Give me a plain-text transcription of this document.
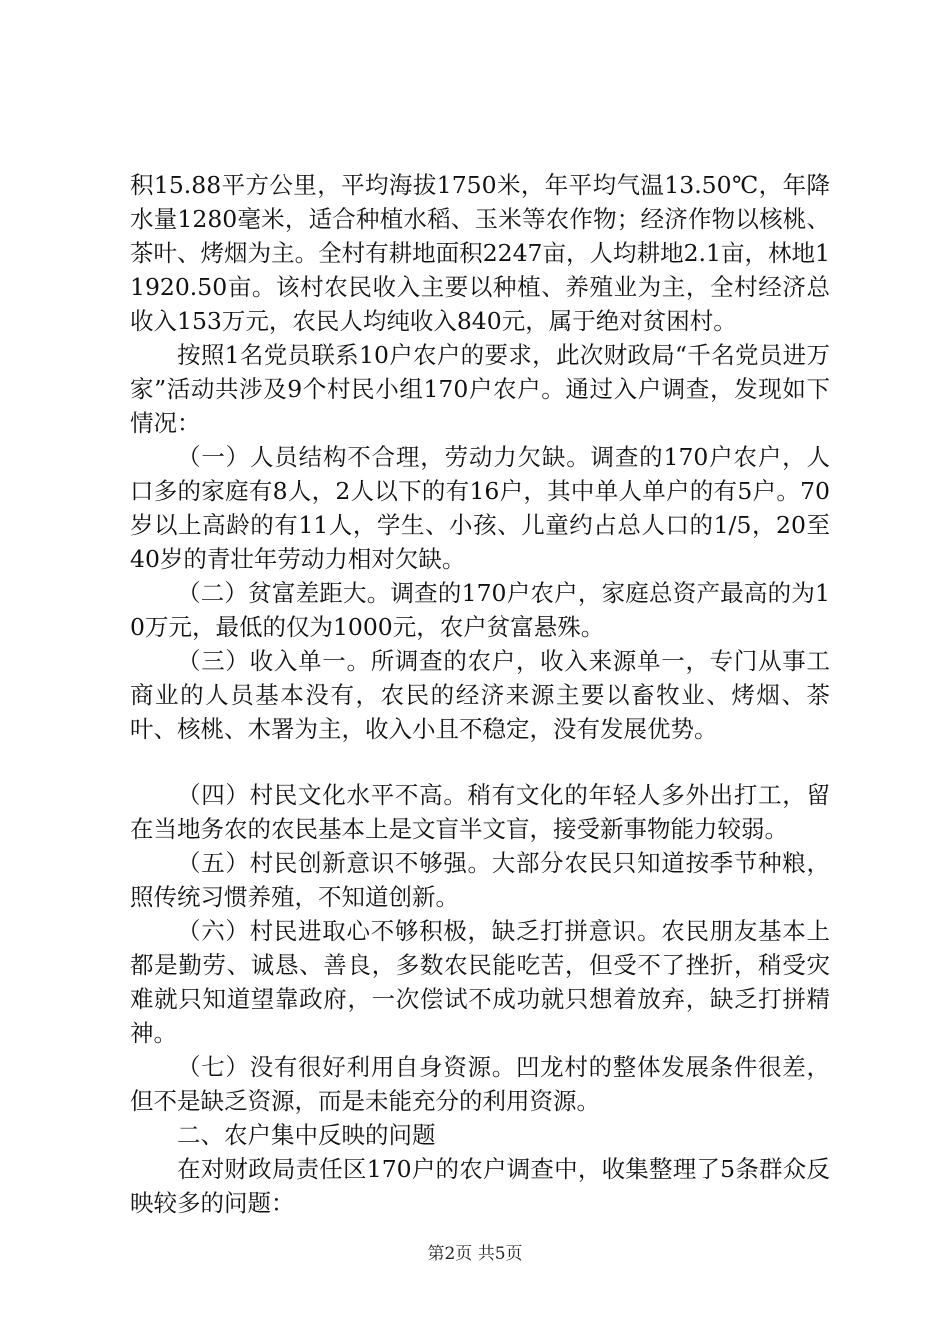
积15.88平方公里，平均海拔1750米，年平均气温13.50℃，年降水量1280毫米，适合种植水稻、玉米等农作物；经济作物以核桃、茶叶、烤烟为主。全村有耕地面积2247亩，人均耕地2.1亩，林地11920.50亩。该村农民收入主要以种植、养殖业为主，全村经济总收入153万元，农民人均纯收入840元，属于绝对贫困村。

按照1名党员联系10户农户的要求，此次财政局“千名党员进万家”活动共涉及9个村民小组170户农户。通过入户调查，发现如下情况：

（一）人员结构不合理，劳动力欠缺。调查的170户农户，人口多的家庭有8人，2人以下的有16户，其中单人单户的有5户。70岁以上高龄的有11人，学生、小孩、儿童约占总人口的1/5，20至40岁的青壮年劳动力相对欠缺。

（二）贫富差距大。调查的170户农户，家庭总资产最高的为10万元，最低的仅为1000元，农户贫富悬殊。

（三）收入单一。所调查的农户，收入来源单一，专门从事工商业的人员基本没有，农民的经济来源主要以畜牧业、烤烟、茶叶、核桃、木署为主，收入小且不稳定，没有发展优势。

（四）村民文化水平不高。稍有文化的年轻人多外出打工，留在当地务农的农民基本上是文盲半文盲，接受新事物能力较弱。

（五）村民创新意识不够强。大部分农民只知道按季节种粮，照传统习惯养殖，不知道创新。

（六）村民进取心不够积极，缺乏打拼意识。农民朋友基本上都是勤劳、诚恳、善良，多数农民能吃苦，但受不了挫折，稍受灾难就只知道望靠政府，一次偿试不成功就只想着放弃，缺乏打拼精神。

（七）没有很好利用自身资源。凹龙村的整体发展条件很差，但不是缺乏资源，而是未能充分的利用资源。

二、农户集中反映的问题

在对财政局责任区170户的农户调查中，收集整理了5条群众反映较多的问题：

第2页 共5页
